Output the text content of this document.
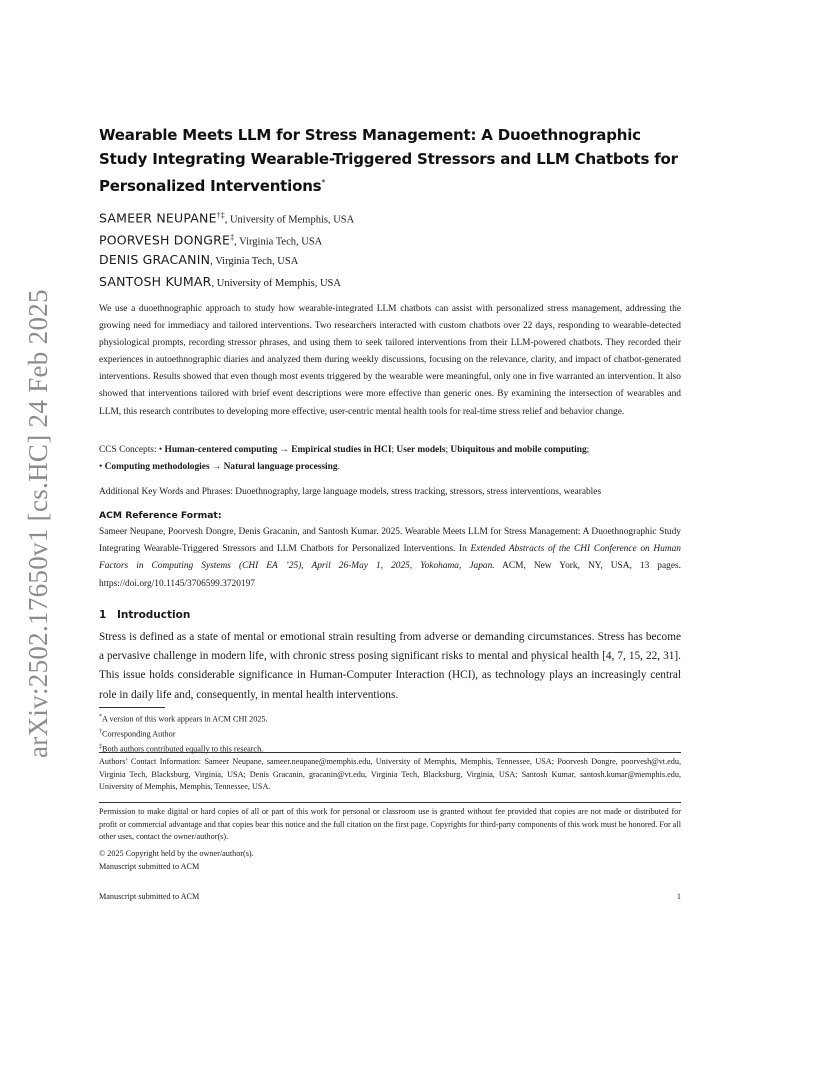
arXiv:2502.17650v1 [cs.HC] 24 Feb 2025
Wearable Meets LLM for Stress Management: A Duoethnographic Study Integrating Wearable-Triggered Stressors and LLM Chatbots for Personalized Interventions*
SAMEER NEUPANE†‡, University of Memphis, USA
POORVESH DONGRE‡, Virginia Tech, USA
DENIS GRACANIN, Virginia Tech, USA
SANTOSH KUMAR, University of Memphis, USA
We use a duoethnographic approach to study how wearable-integrated LLM chatbots can assist with personalized stress management, addressing the growing need for immediacy and tailored interventions. Two researchers interacted with custom chatbots over 22 days, responding to wearable-detected physiological prompts, recording stressor phrases, and using them to seek tailored interventions from their LLM-powered chatbots. They recorded their experiences in autoethnographic diaries and analyzed them during weekly discussions, focusing on the relevance, clarity, and impact of chatbot-generated interventions. Results showed that even though most events triggered by the wearable were meaningful, only one in five warranted an intervention. It also showed that interventions tailored with brief event descriptions were more effective than generic ones. By examining the intersection of wearables and LLM, this research contributes to developing more effective, user-centric mental health tools for real-time stress relief and behavior change.
CCS Concepts: • Human-centered computing → Empirical studies in HCI; User models; Ubiquitous and mobile computing;
• Computing methodologies → Natural language processing.
Additional Key Words and Phrases: Duoethnography, large language models, stress tracking, stressors, stress interventions, wearables
ACM Reference Format:
Sameer Neupane, Poorvesh Dongre, Denis Gracanin, and Santosh Kumar. 2025. Wearable Meets LLM for Stress Management: A Duoethnographic Study Integrating Wearable-Triggered Stressors and LLM Chatbots for Personalized Interventions. In Extended Abstracts of the CHI Conference on Human Factors in Computing Systems (CHI EA ’25), April 26-May 1, 2025, Yokohama, Japan. ACM, New York, NY, USA, 13 pages. https://doi.org/10.1145/3706599.3720197
1 Introduction
Stress is defined as a state of mental or emotional strain resulting from adverse or demanding circumstances. Stress has become a pervasive challenge in modern life, with chronic stress posing significant risks to mental and physical health [4, 7, 15, 22, 31]. This issue holds considerable significance in Human-Computer Interaction (HCI), as technology plays an increasingly central role in daily life and, consequently, in mental health interventions.
*A version of this work appears in ACM CHI 2025.
†Corresponding Author
‡Both authors contributed equally to this research.
Authors’ Contact Information: Sameer Neupane, sameer.neupane@memphis.edu, University of Memphis, Memphis, Tennessee, USA; Poorvesh Dongre, poorvesh@vt.edu, Virginia Tech, Blacksburg, Virginia, USA; Denis Gracanin, gracanin@vt.edu, Virginia Tech, Blacksburg, Virginia, USA; Santosh Kumar, santosh.kumar@memphis.edu, University of Memphis, Memphis, Tennessee, USA.
Permission to make digital or hard copies of all or part of this work for personal or classroom use is granted without fee provided that copies are not made or distributed for profit or commercial advantage and that copies bear this notice and the full citation on the first page. Copyrights for third-party components of this work must be honored. For all other uses, contact the owner/author(s).
© 2025 Copyright held by the owner/author(s).
Manuscript submitted to ACM
Manuscript submitted to ACM	1
